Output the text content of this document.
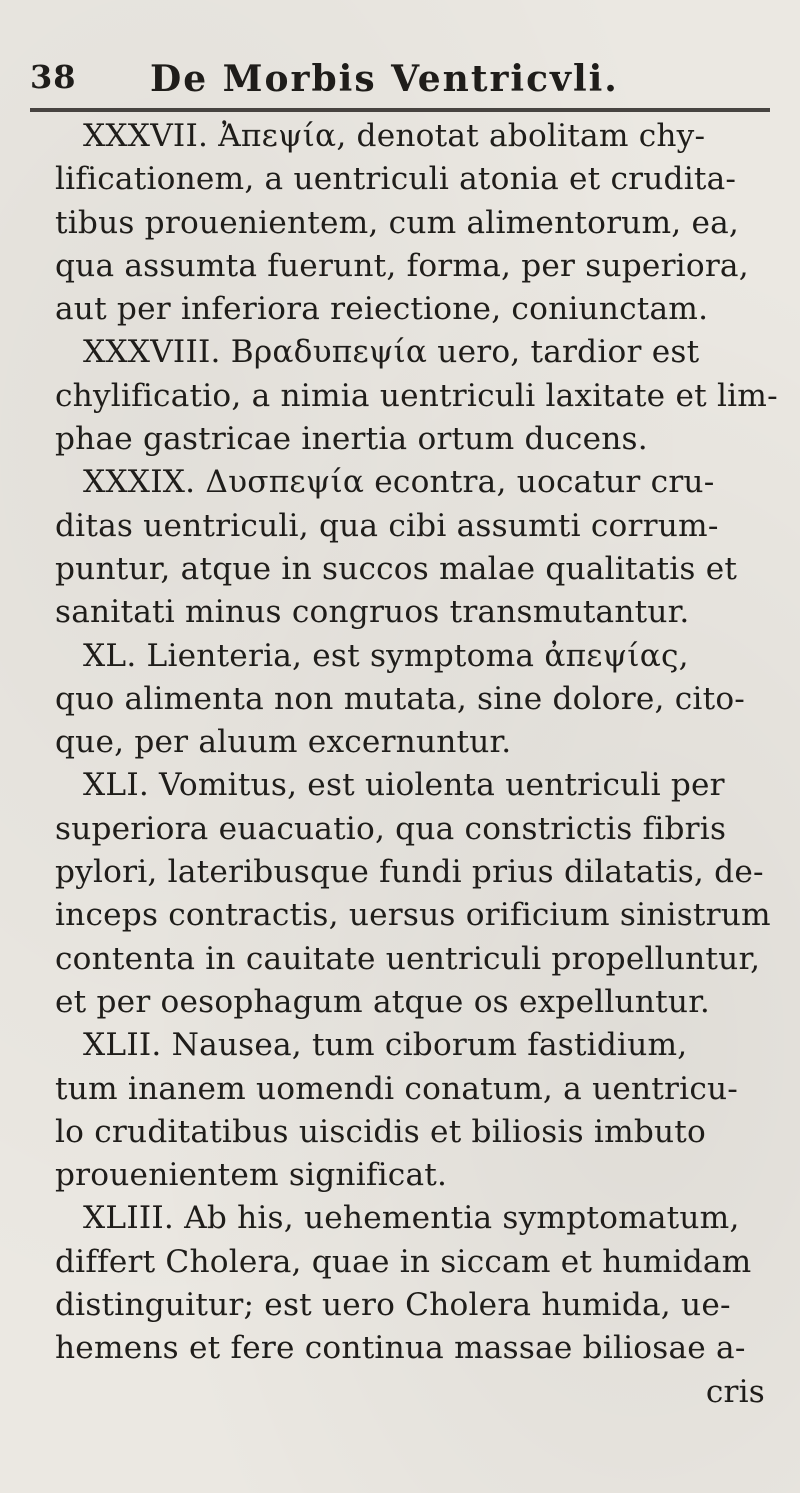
38 De Morbis Ventricvli.
XXXVII. Ἀπεψία, denotat abolitam chy-
lificationem, a uentriculi atonia et crudita-
tibus prouenientem, cum alimentorum, ea,
qua assumta fuerunt, forma, per superiora,
aut per inferiora reiectione, coniunctam.
XXXVIII. Βραδυπεψία uero, tardior est
chylificatio, a nimia uentriculi laxitate et lim-
phae gastricae inertia ortum ducens.
XXXIX. Δυσπεψία econtra, uocatur cru-
ditas uentriculi, qua cibi assumti corrum-
puntur, atque in succos malae qualitatis et
sanitati minus congruos transmutantur.
XL. Lienteria, est symptoma ἀπεψίας,
quo alimenta non mutata, sine dolore, cito-
que, per aluum excernuntur.
XLI. Vomitus, est uiolenta uentriculi per
superiora euacuatio, qua constrictis fibris
pylori, lateribusque fundi prius dilatatis, de-
inceps contractis, uersus orificium sinistrum
contenta in cauitate uentriculi propelluntur,
et per oesophagum atque os expelluntur.
XLII. Nausea, tum ciborum fastidium,
tum inanem uomendi conatum, a uentricu-
lo cruditatibus uiscidis et biliosis imbuto
prouenientem significat.
XLIII. Ab his, uehementia symptomatum,
differt Cholera, quae in siccam et humidam
distinguitur; est uero Cholera humida, ue-
hemens et fere continua massae biliosae a-
cris
